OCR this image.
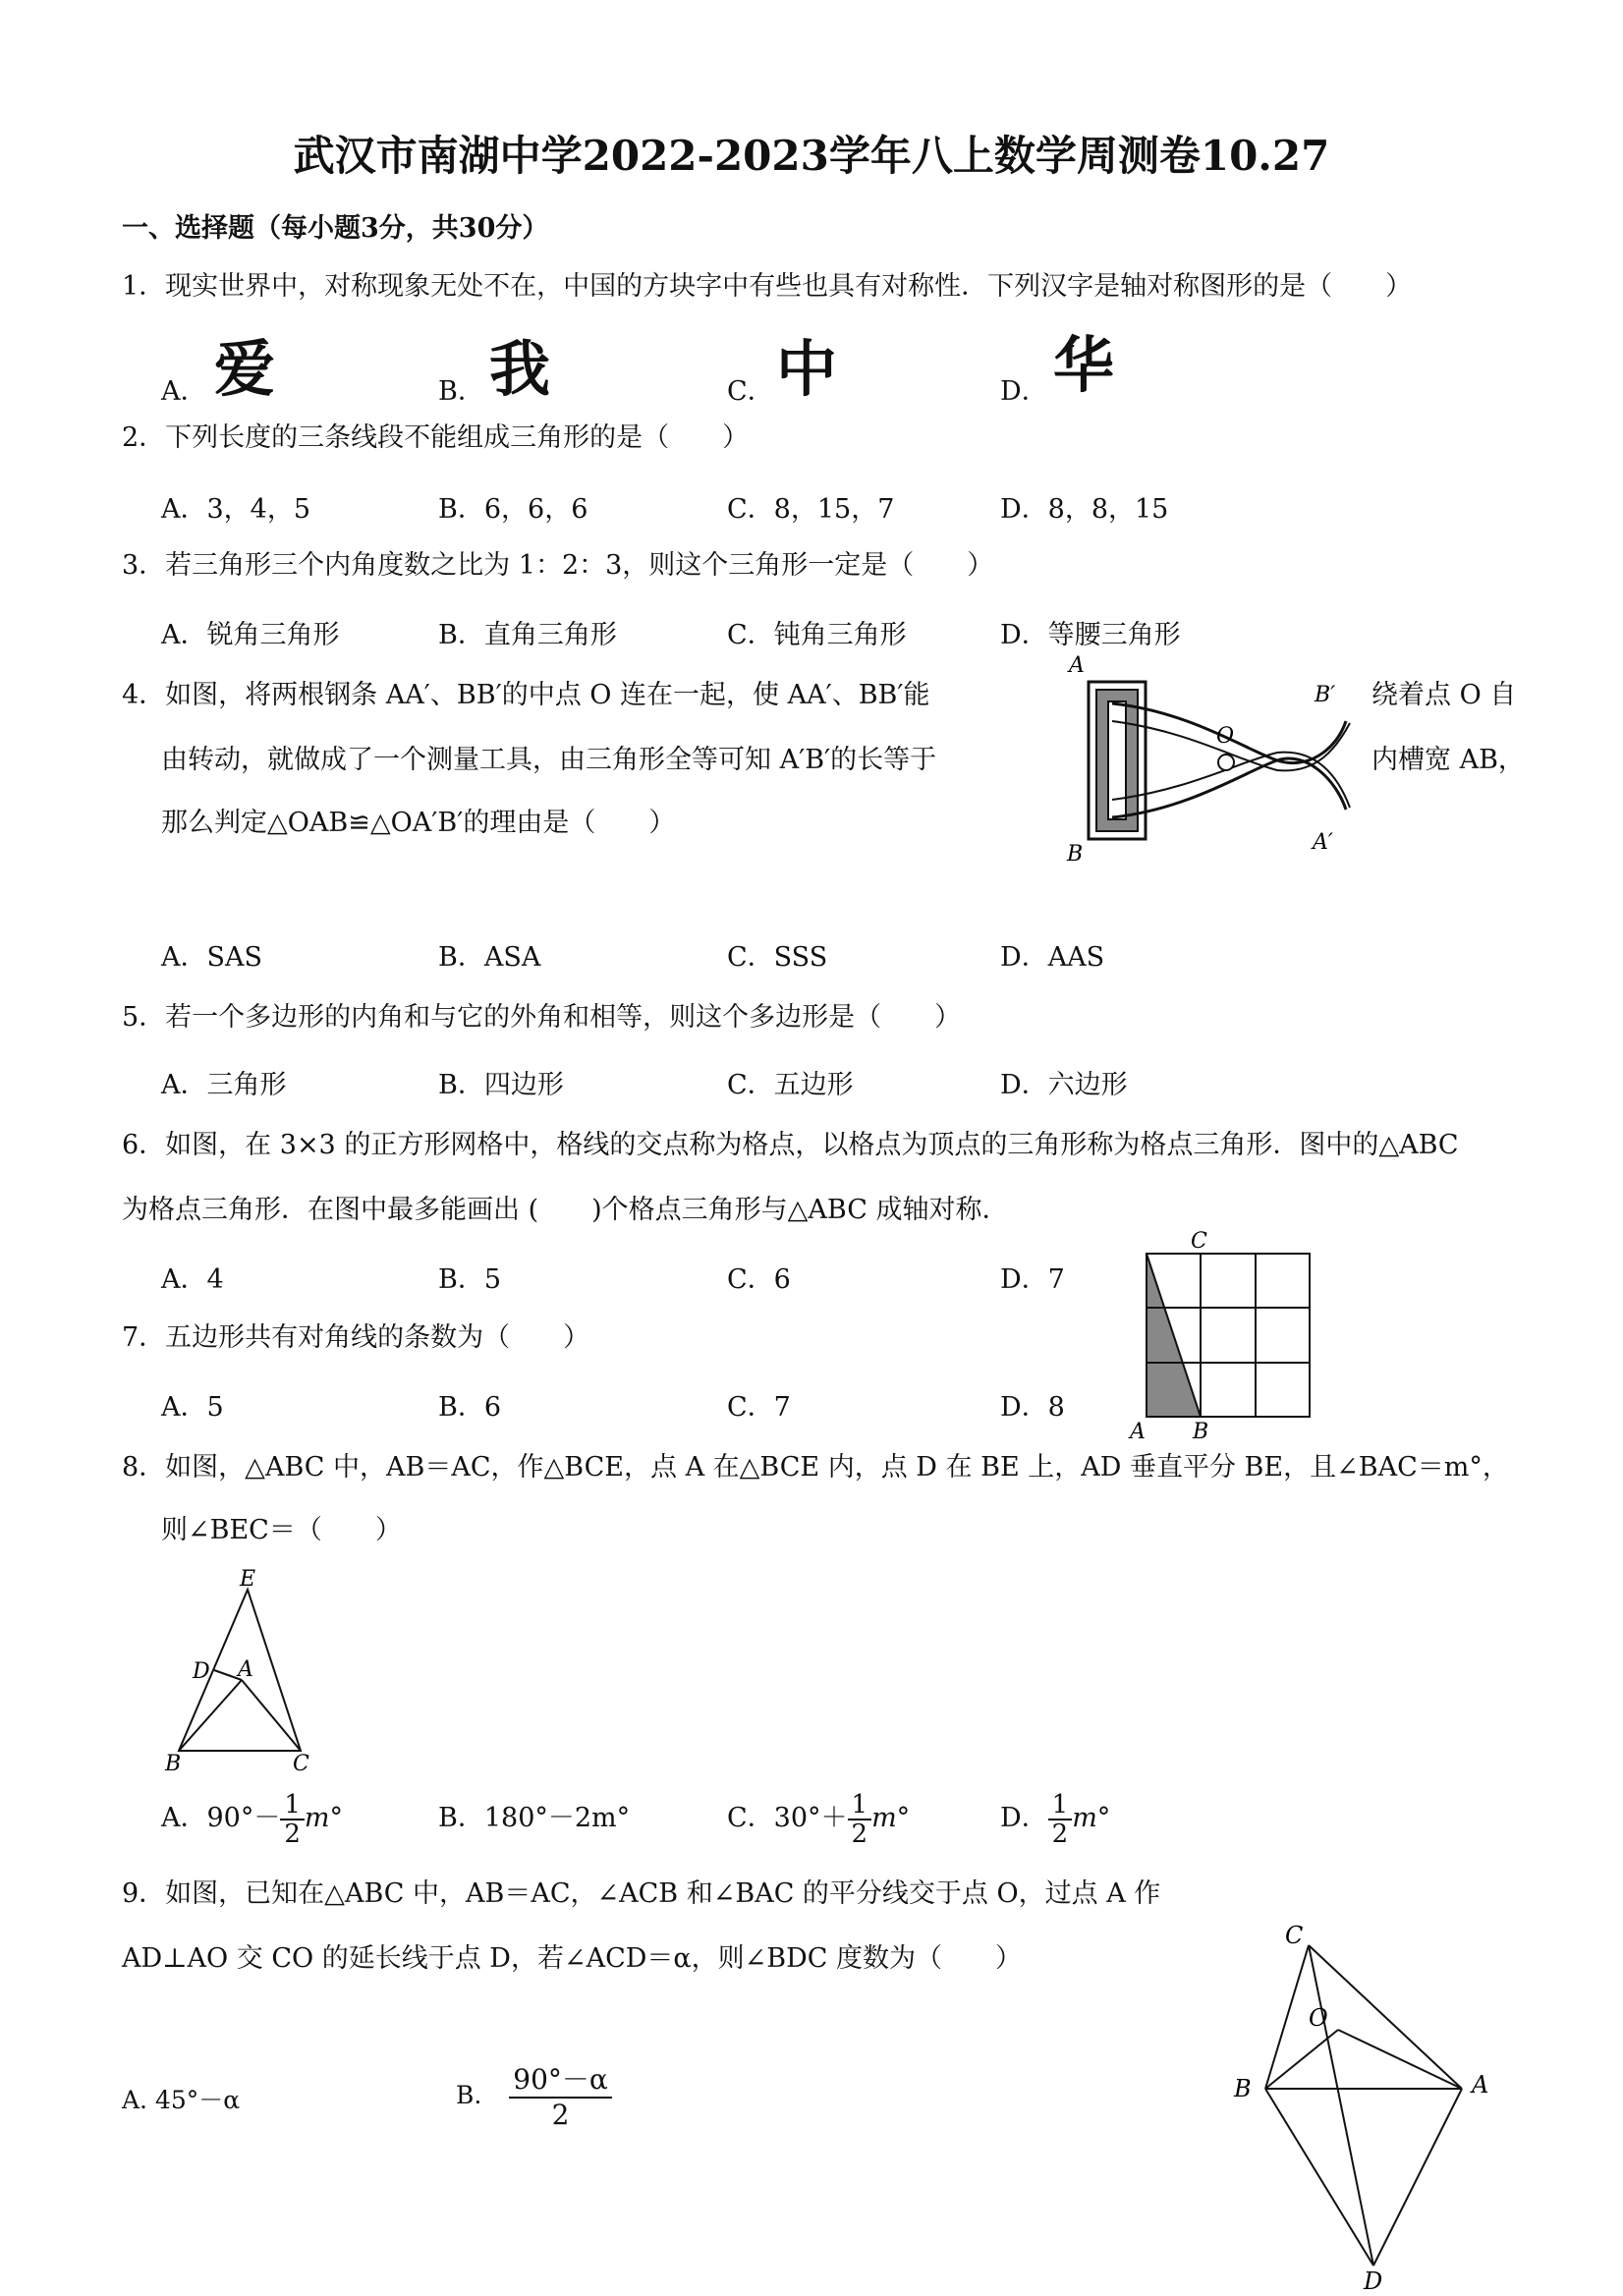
武汉市南湖中学2022-2023学年八上数学周测卷10.27
一、选择题（每小题3分，共30分）
1．现实世界中，对称现象无处不在，中国的方块字中有些也具有对称性．下列汉字是轴对称图形的是（　　）
A． 爱	B． 我	C． 中	D． 华
2．下列长度的三条线段不能组成三角形的是（　　）
A．3，4，5	B．6，6，6	C．8，15，7	D．8，8，15
3．若三角形三个内角度数之比为 1：2：3，则这个三角形一定是（　　）
A．锐角三角形	B．直角三角形	C．钝角三角形	D．等腰三角形
4．如图，将两根钢条 AA′、BB′的中点 O 连在一起，使 AA′、BB′能	绕着点 O 自
由转动，就做成了一个测量工具，由三角形全等可知 A′B′的长等于	内槽宽 AB，
那么判定△OAB≌△OA′B′的理由是（　　）
A
B
O
B′
A′
A．SAS	B．ASA	C．SSS	D．AAS
5．若一个多边形的内角和与它的外角和相等，则这个多边形是（　　）
A．三角形	B．四边形	C．五边形	D．六边形
6．如图，在 3×3 的正方形网格中，格线的交点称为格点，以格点为顶点的三角形称为格点三角形．图中的△ABC
为格点三角形．在图中最多能画出 (　　)个格点三角形与△ABC 成轴对称．
A．4	B．5	C．6	D．7
C
A B
7．五边形共有对角线的条数为（　　）
A．5	B．6	C．7	D．8
8．如图，△ABC 中，AB＝AC，作△BCE，点 A 在△BCE 内，点 D 在 BE 上，AD 垂直平分 BE，且∠BAC＝m°，
则∠BEC＝（　　）
E
D A
B	C
A．$90^\circ- \frac{1}{2} m^\circ$	B．180°－2m°	C．$30^\circ+ \frac{1}{2} m^\circ$	D． $\frac{1}{2} m^\circ$
9．如图，已知在△ABC 中，AB＝AC，∠ACB 和∠BAC 的平分线交于点 O，过点 A 作
AD⊥AO 交 CO 的延长线于点 D，若∠ACD＝α，则∠BDC 度数为（　　）
A. 45°－α	B. $\frac{90^\circ-\alpha}{2}$
C
O
B	A
D
